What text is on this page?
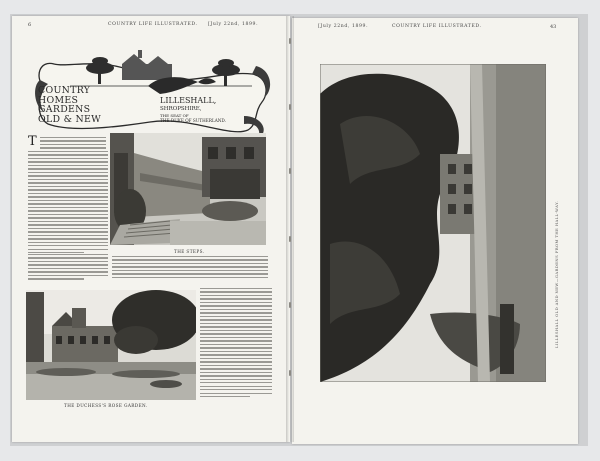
6	COUNTRY LIFE ILLUSTRATED. [July 22nd, 1899.
COUNTRY
HOMES
GARDENS
OLD & NEW
LILLESHALL,
SHROPSHIRE,
THE SEAT OF
THE DUKE OF SUTHERLAND.
T
THE STEPS.
THE DUCHESS'S ROSE GARDEN.
[July 22nd, 1899.	COUNTRY LIFE ILLUSTRATED.	43
LILLESHALL OLD AND NEW—GARDENS FROM THE HALL-WAY.
